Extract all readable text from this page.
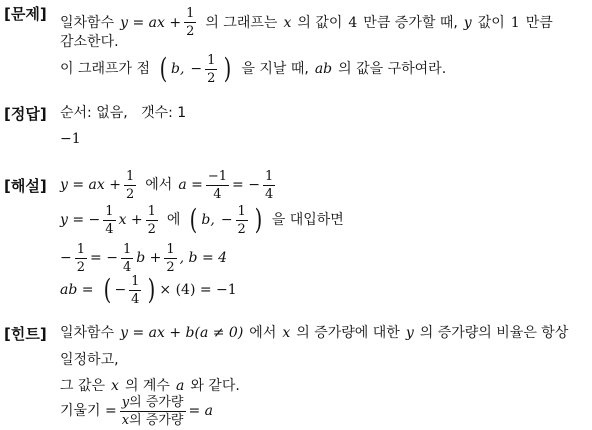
[문제] 일차함수 y = ax + $\frac{1}{2}$ 의 그래프는 x 의 값이 4 만큼 증가할 때, y 값이 1 만큼
감소한다.
이 그래프가 점 ( b, − $\frac{1}{2}$ ) 을 지날 때, ab 의 값을 구하여라.
[정답] 순서: 없음,   갯수: 1
−1
[해설] y = ax + $\frac{1}{2}$ 에서 $a = \frac{-1}{4}$ = − $\frac{1}{4}$
y = − $\frac{1}{4}$ $x + \frac{1}{2}$ 에 ( b, − $\frac{1}{2}$ ) 을 대입하면
− $\frac{1}{2}$ = − $\frac{1}{4}$ $b + \frac{1}{2}$ , b = 4
ab = ( − $\frac{1}{4}$ ) × (4) = −1
[힌트] 일차함수 y = ax + b(a ≠ 0) 에서 x 의 증가량에 대한 y 의 증가량의 비율은 항상
일정하고,
그 값은 x 의 계수 a 와 같다.
기울기 = $\frac{\text{y의 증가량}}{\text{x의 증가량}} = a$
